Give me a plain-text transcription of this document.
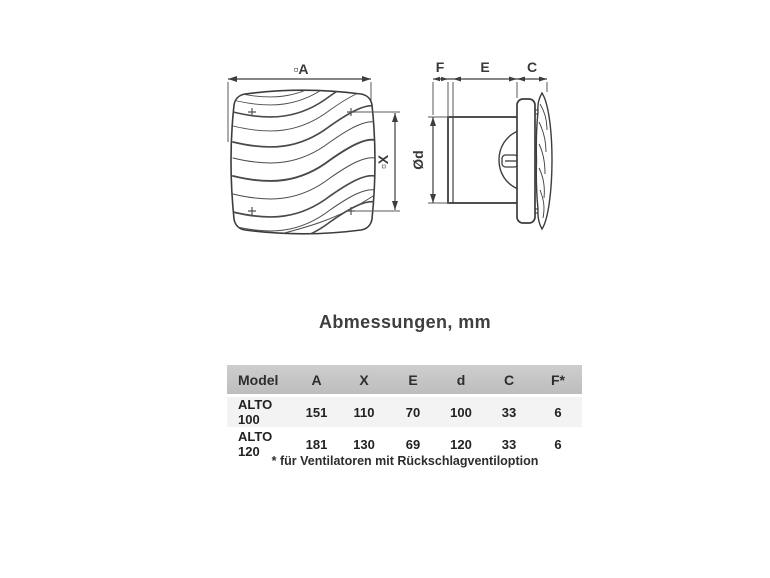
▫A
▫X
F	E	C
Ød
Abmessungen, mm
Model	A	X	E	d	C	F*
ALTO 100	151	110	70	100	33	6
ALTO 120	181	130	69	120	33	6
* für Ventilatoren mit Rückschlagventiloption
